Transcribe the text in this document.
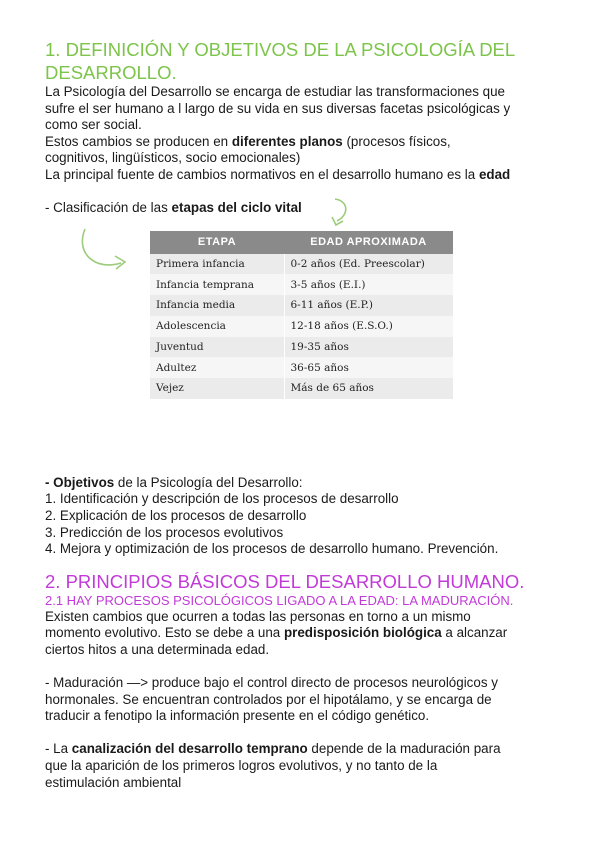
1. DEFINICIÓN Y OBJETIVOS DE LA PSICOLOGÍA DEL
DESARROLLO.

La Psicología del Desarrollo se encarga de estudiar las transformaciones que
sufre el ser humano a l largo de su vida en sus diversas facetas psicológicas y
como ser social.
Estos cambios se producen en diferentes planos (procesos físicos,
cognitivos, lingüísticos, socio emocionales)
La principal fuente de cambios normativos en el desarrollo humano es la edad

- Clasificación de las etapas del ciclo vital

ETAPA	EDAD APROXIMADA
Primera infancia	0-2 años (Ed. Preescolar)
Infancia temprana	3-5 años (E.I.)
Infancia media	6-11 años (E.P.)
Adolescencia	12-18 años (E.S.O.)
Juventud	19-35 años
Adultez	36-65 años
Vejez	Más de 65 años

- Objetivos de la Psicología del Desarrollo:
1. Identificación y descripción de los procesos de desarrollo
2. Explicación de los procesos de desarrollo
3. Predicción de los procesos evolutivos
4. Mejora y optimización de los procesos de desarrollo humano. Prevención.

2. PRINCIPIOS BÁSICOS DEL DESARROLLO HUMANO.
2.1 HAY PROCESOS PSICOLÓGICOS LIGADO A LA EDAD: LA MADURACIÓN.

Existen cambios que ocurren a todas las personas en torno a un mismo
momento evolutivo. Esto se debe a una predisposición biológica a alcanzar
ciertos hitos a una determinada edad.

- Maduración —> produce bajo el control directo de procesos neurológicos y
hormonales. Se encuentran controlados por el hipotálamo, y se encarga de
traducir a fenotipo la información presente en el código genético.

- La canalización del desarrollo temprano depende de la maduración para
que la aparición de los primeros logros evolutivos, y no tanto de la
estimulación ambiental
